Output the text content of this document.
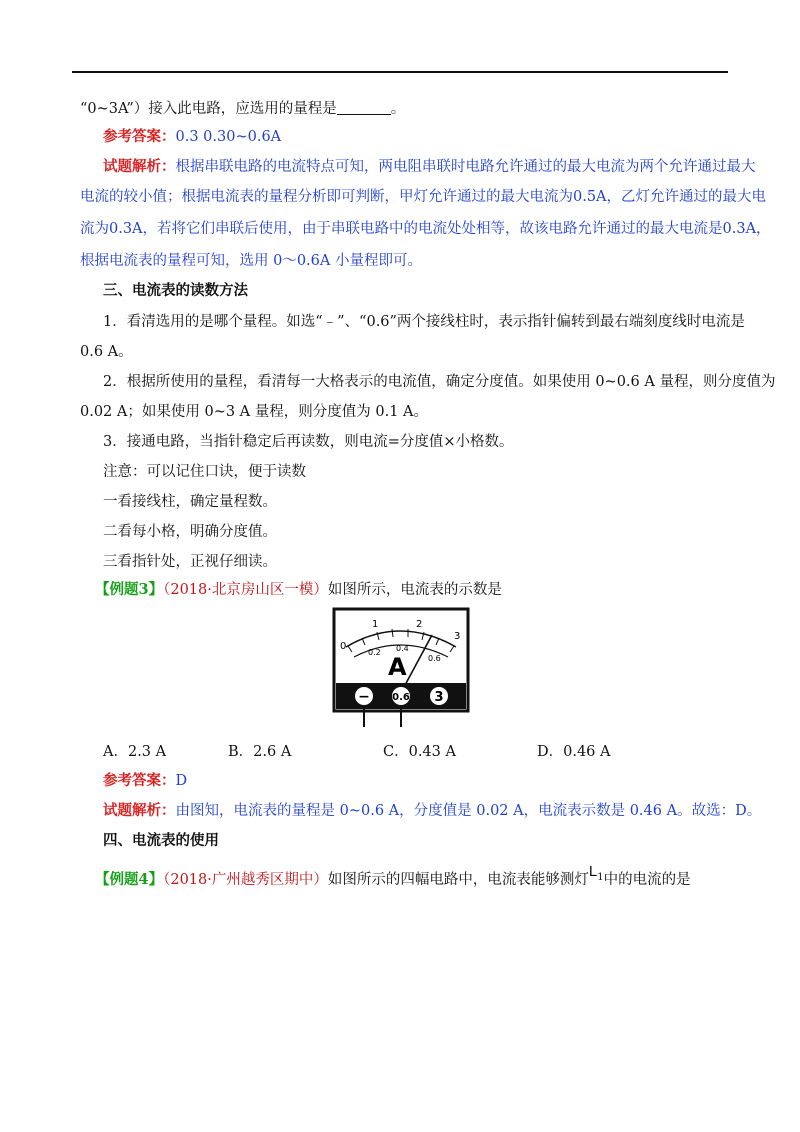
“0~3A”）接入此电路，应选用的量程是	。
参考答案：0.3 0.30~0.6A
试题解析：根据串联电路的电流特点可知，两电阻串联时电路允许通过的最大电流为两个允许通过最大
电流的较小值；根据电流表的量程分析即可判断，甲灯允许通过的最大电流为0.5A，乙灯允许通过的最大电
流为0.3A，若将它们串联后使用，由于串联电路中的电流处处相等，故该电路允许通过的最大电流是0.3A，
根据电流表的量程可知，选用 0～0.6A 小量程即可。
三、电流表的读数方法
1．看清选用的是哪个量程。如选“﹣”、“0.6”两个接线柱时，表示指针偏转到最右端刻度线时电流是
0.6 A。
2．根据所使用的量程，看清每一大格表示的电流值，确定分度值。如果使用 0~0.6 A 量程，则分度值为
0.02 A；如果使用 0~3 A 量程，则分度值为 0.1 A。
3．接通电路，当指针稳定后再读数，则电流=分度值×小格数。
注意：可以记住口诀，便于读数
一看接线柱，确定量程数。
二看每小格，明确分度值。
三看指针处，正视仔细读。
【例题3】（2018·北京房山区一模）如图所示，电流表的示数是
0
1	2
3
0.2 0.4
0.6
A
− 0.6 3
A．2.3 A	B．2.6 A	C．0.43 A	D．0.46 A
参考答案：D
试题解析：由图知，电流表的量程是 0~0.6 A，分度值是 0.02 A，电流表示数是 0.46 A。故选：D。
四、电流表的使用
【例题4】（2018·广州越秀区期中）如图所示的四幅电路中，电流表能够测灯$L^1$中的电流的是
